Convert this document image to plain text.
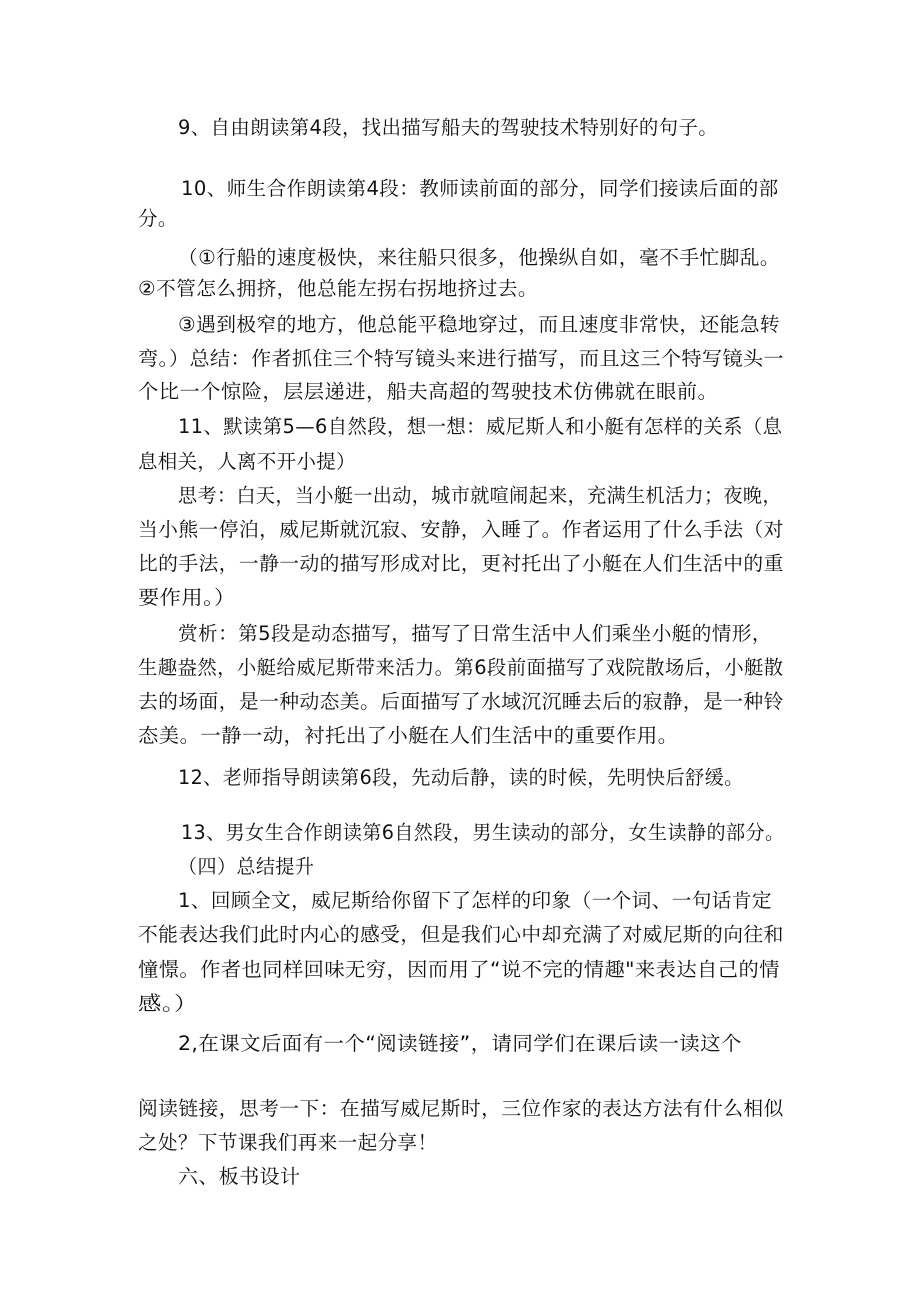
9、自由朗读第4段，找出描写船夫的驾驶技术特别好的句子。
10、师生合作朗读第4段：教师读前面的部分，同学们接读后面的部
分。
（①行船的速度极快，来往船只很多，他操纵自如，毫不手忙脚乱。
②不管怎么拥挤，他总能左拐右拐地挤过去。
③遇到极窄的地方，他总能平稳地穿过，而且速度非常快，还能急转
弯。）总结：作者抓住三个特写镜头来进行描写，而且这三个特写镜头一
个比一个惊险，层层递进，船夫高超的驾驶技术仿佛就在眼前。
11、默读第5—6自然段，想一想：威尼斯人和小艇有怎样的关系（息
息相关，人离不开小提）
思考：白天，当小艇一出动，城市就喧闹起来，充满生机活力；夜晚，
当小熊一停泊，威尼斯就沉寂、安静，入睡了。作者运用了什么手法（对
比的手法，一静一动的描写形成对比，更衬托出了小艇在人们生活中的重
要作用。）
赏析：第5段是动态描写，描写了日常生活中人们乘坐小艇的情形，
生趣盎然，小艇给威尼斯带来活力。第6段前面描写了戏院散场后，小艇散
去的场面，是一种动态美。后面描写了水域沉沉睡去后的寂静，是一种铃
态美。一静一动，衬托出了小艇在人们生活中的重要作用。
12、老师指导朗读第6段，先动后静，读的时候，先明快后舒缓。
13、男女生合作朗读第6自然段，男生读动的部分，女生读静的部分。
（四）总结提升
1、回顾全文，威尼斯给你留下了怎样的印象（一个词、一句话肯定
不能表达我们此时内心的感受，但是我们心中却充满了对威尼斯的向往和
憧憬。作者也同样回味无穷，因而用了“说不完的情趣"来表达自己的情
感。）
2,在课文后面有一个“阅读链接”，请同学们在课后读一读这个
阅读链接，思考一下：在描写威尼斯时，三位作家的表达方法有什么相似
之处？下节课我们再来一起分享！
六、板书设计
